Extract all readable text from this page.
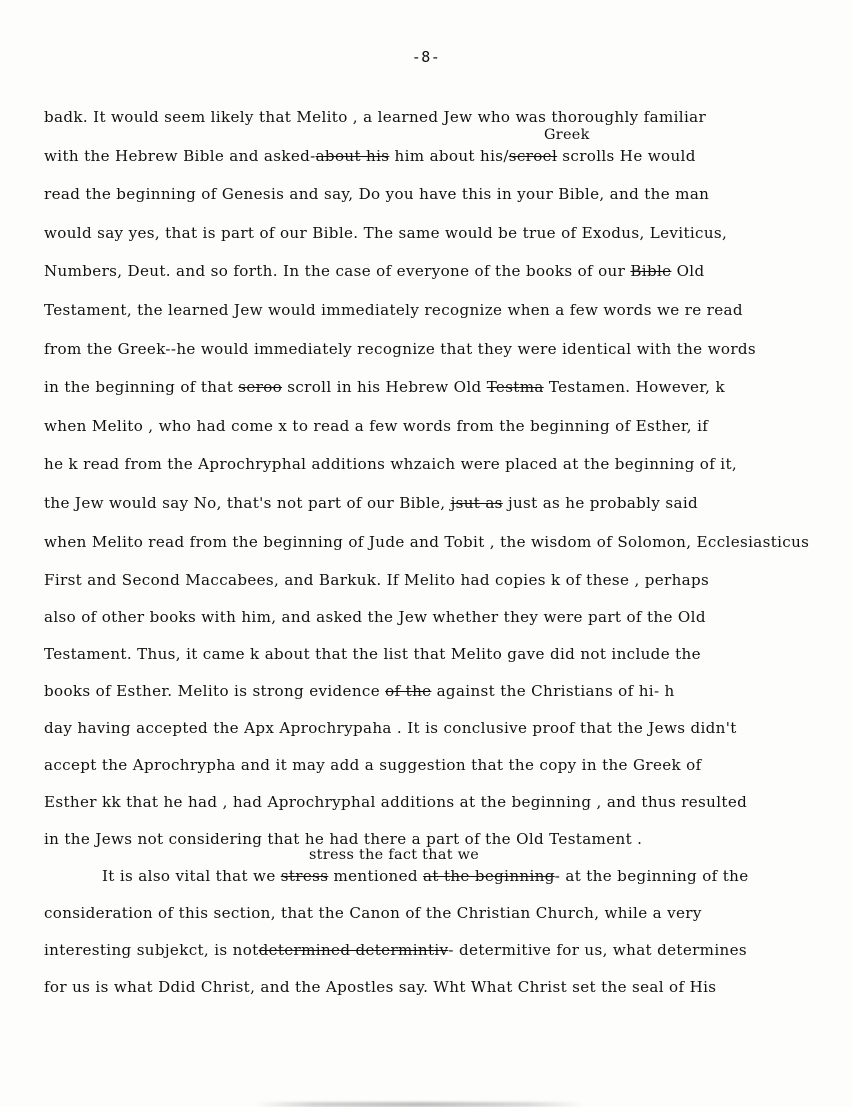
-8-
badk. It would seem likely that Melito , a learned Jew who was thoroughly familiar
Greek
with the Hebrew Bible and asked-about his him about his/scroel scrolls He would
read the beginning of Genesis and say, Do you have this in your Bible, and the man
would say yes, that is part of our Bible. The same would be true of Exodus, Leviticus,
Numbers, Deut. and so forth. In the case of everyone of the books of our Bible Old
Testament, the learned Jew would immediately recognize when a few words we re read
from the Greek--he would immediately recognize that they were identical with the words
in the beginning of that seroo scroll in his Hebrew Old Testma Testamen. However, k
when Melito , who had come x to read a few words from the beginning of Esther, if
he k read from the Aprochryphal additions whzaich were placed at the beginning of it,
the Jew would say No, that's not part of our Bible, jsut as just as he probably said
when Melito read from the beginning of Jude and Tobit , the wisdom of Solomon, Ecclesiasticus
First and Second Maccabees, and Barkuk. If Melito had copies k of these , perhaps
also of other books with him, and asked the Jew whether they were part of the Old
Testament. Thus, it came k about that the list that Melito gave did not include the
books of Esther. Melito is strong evidence of the against the Christians of hi- h
day having accepted the Apx Aprochrypaha . It is conclusive proof that the Jews didn't
accept the Aprochrypha and it may add a suggestion that the copy in the Greek of
Esther kk that he had , had Aprochryphal additions at the beginning , and thus resulted
in the Jews not considering that he had there a part of the Old Testament .
stress the fact that we
It is also vital that we stress mentioned at the beginning- at the beginning of the
consideration of this section, that the Canon of the Christian Church, while a very
interesting subjekct, is notdetermined determintiv- determitive for us, what determines
for us is what Ddid Christ, and the Apostles say. Wht What Christ set the seal of His
